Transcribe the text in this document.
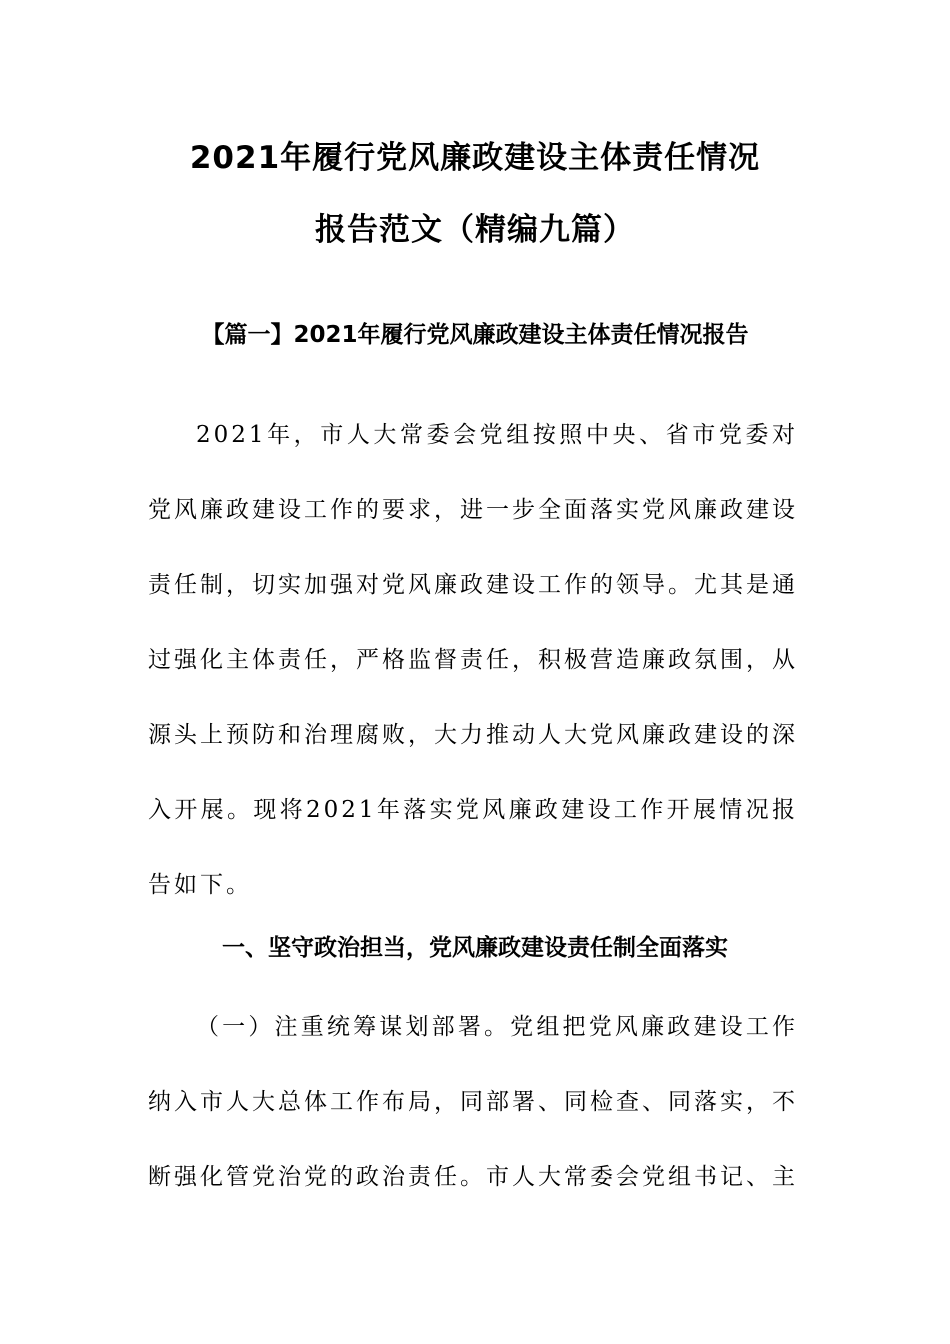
2021年履行党风廉政建设主体责任情况
报告范文（精编九篇）
【篇一】2021年履行党风廉政建设主体责任情况报告
2021年，市人大常委会党组按照中央、省市党委对党风廉政建设工作的要求，进一步全面落实党风廉政建设责任制，切实加强对党风廉政建设工作的领导。尤其是通过强化主体责任，严格监督责任，积极营造廉政氛围，从源头上预防和治理腐败，大力推动人大党风廉政建设的深入开展。现将2021年落实党风廉政建设工作开展情况报告如下。
一、坚守政治担当，党风廉政建设责任制全面落实
（一）注重统筹谋划部署。党组把党风廉政建设工作纳入市人大总体工作布局，同部署、同检查、同落实，不断强化管党治党的政治责任。市人大常委会党组书记、主
